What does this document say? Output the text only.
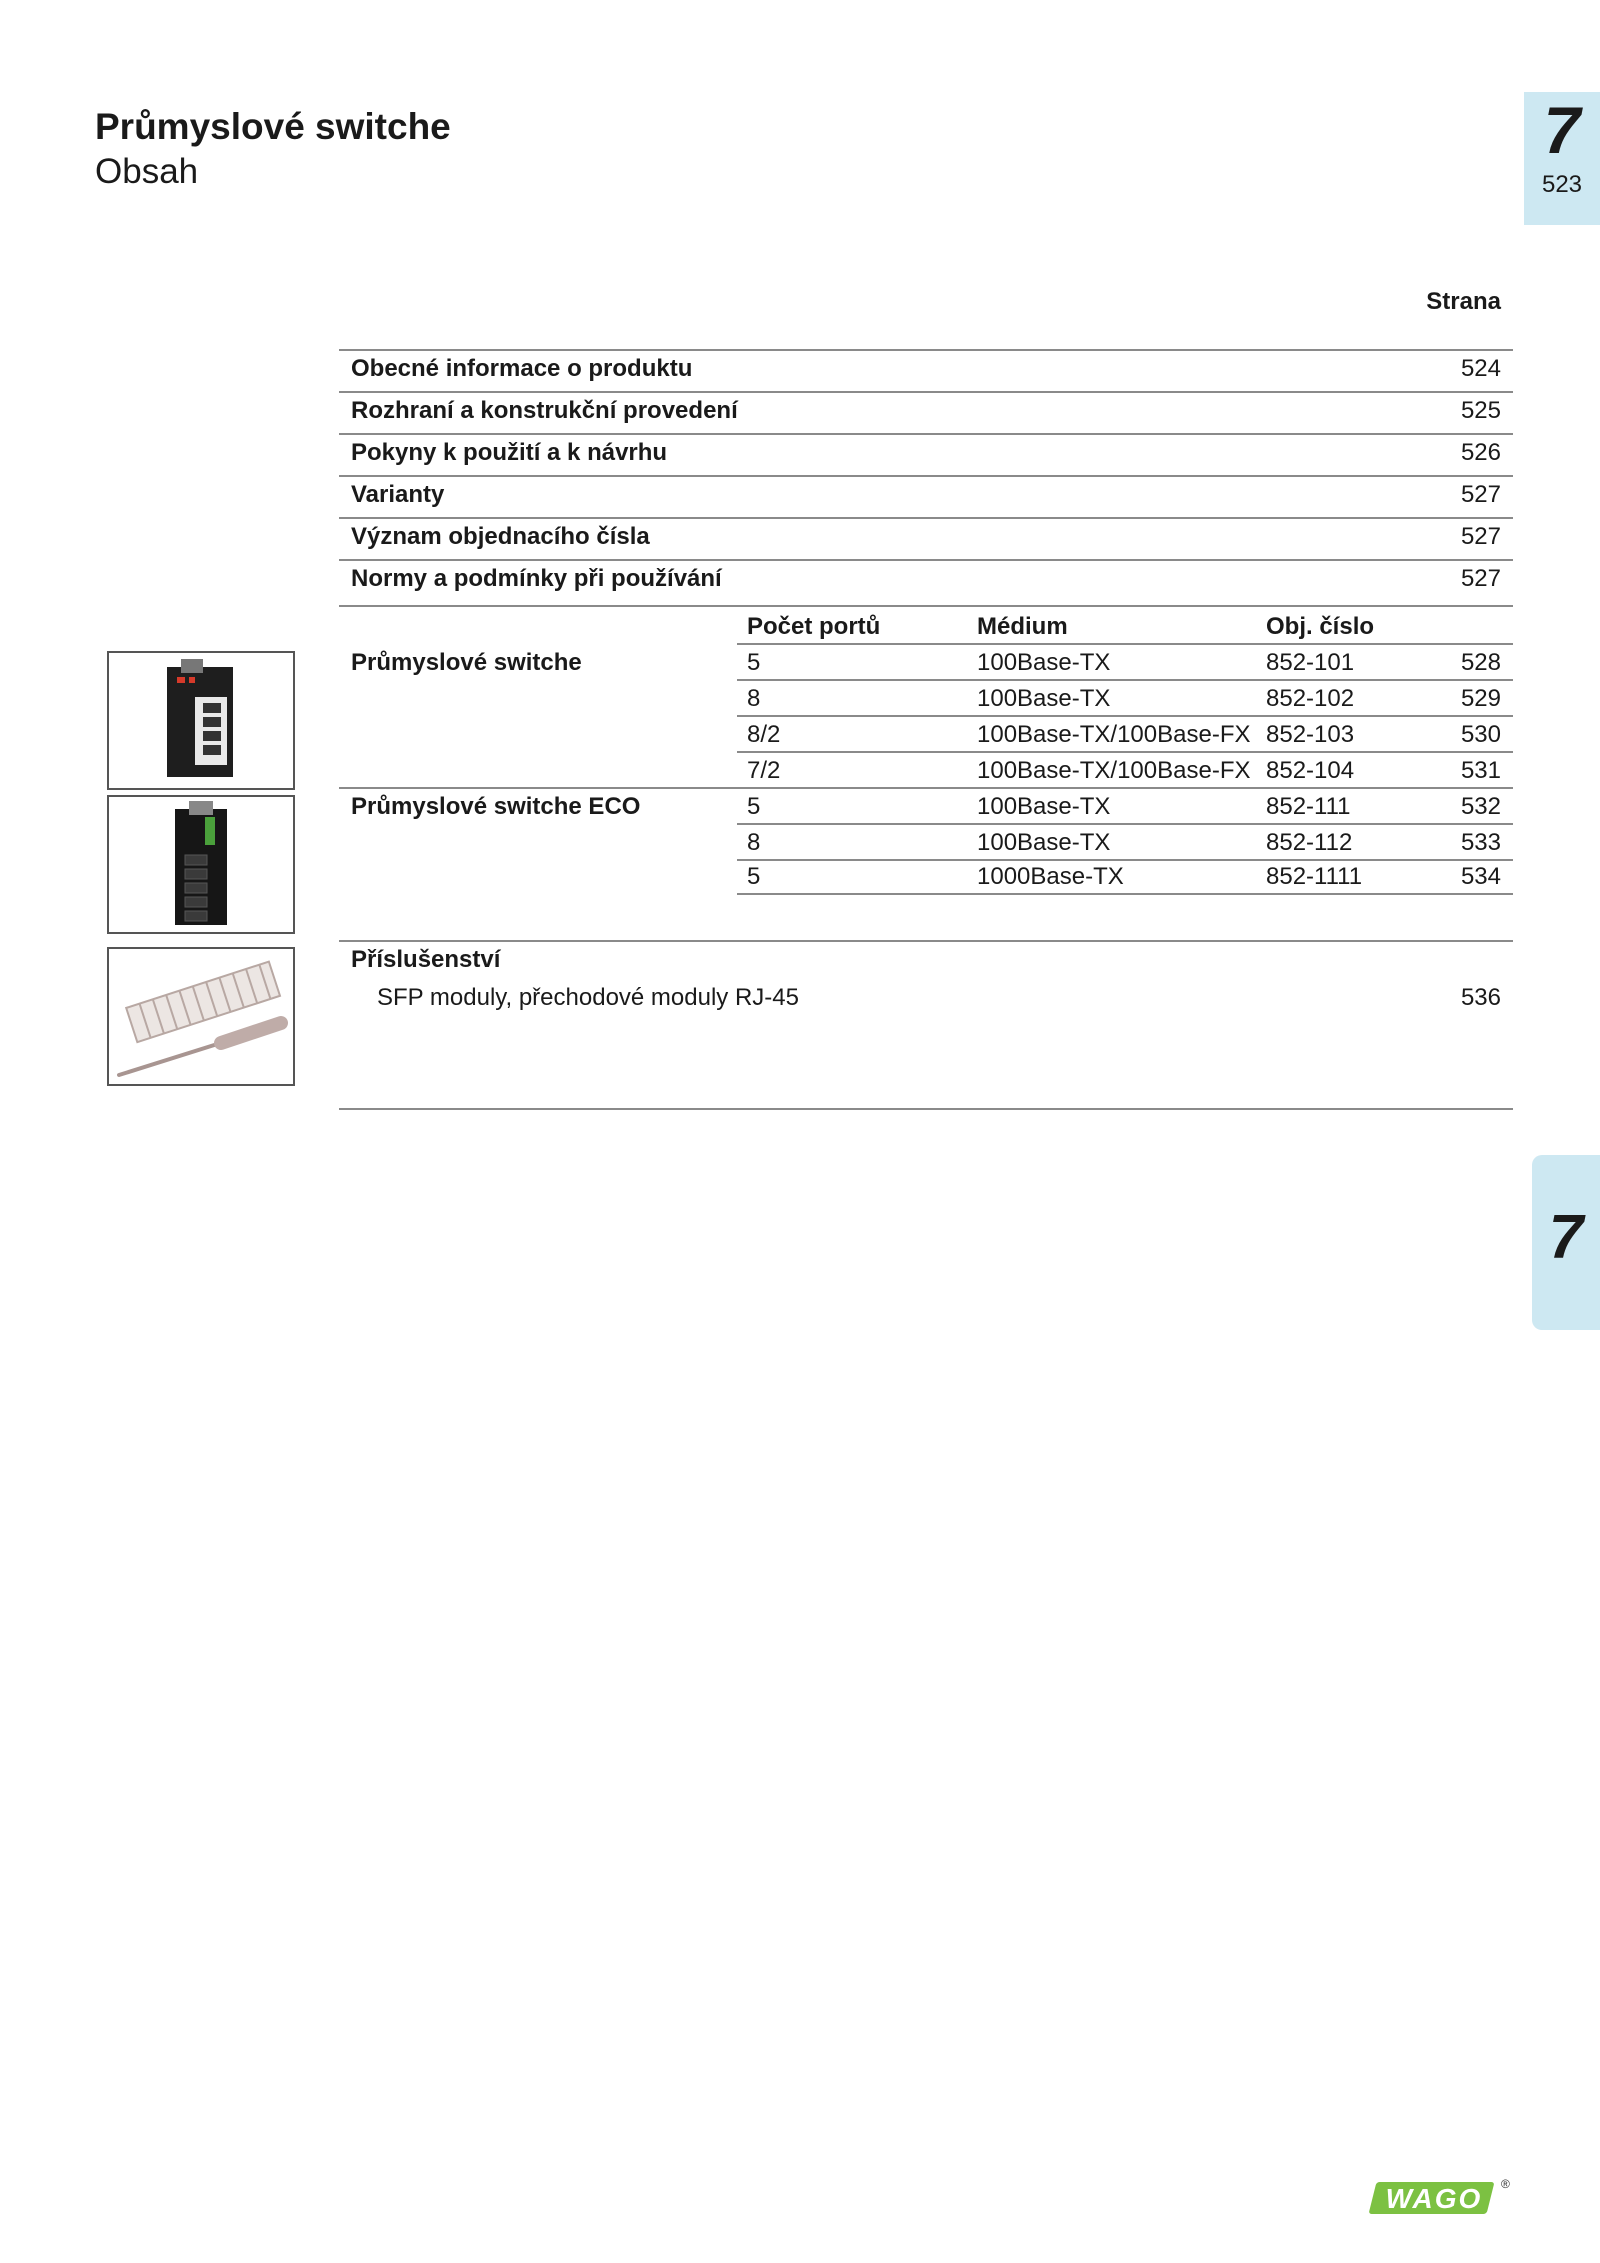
Průmyslové switche
Obsah
7
523
7
Strana
Obecné informace o produktu	524
Rozhraní a konstrukční provedení	525
Pokyny k použití a k návrhu	526
Varianty	527
Význam objednacího čísla	527
Normy a podmínky při používání	527
Počet portů	Médium	Obj. číslo
Průmyslové switche	5	100Base-TX	852-101	528
8	100Base-TX	852-102	529
8/2	100Base-TX/100Base-FX 852-103	530
7/2	100Base-TX/100Base-FX 852-104	531
Průmyslové switche ECO	5	100Base-TX	852-111	532
8	100Base-TX	852-112	533
5	1000Base-TX	852-1111	534
Příslušenství
SFP moduly, přechodové moduly RJ-45	536
WAGO ®
